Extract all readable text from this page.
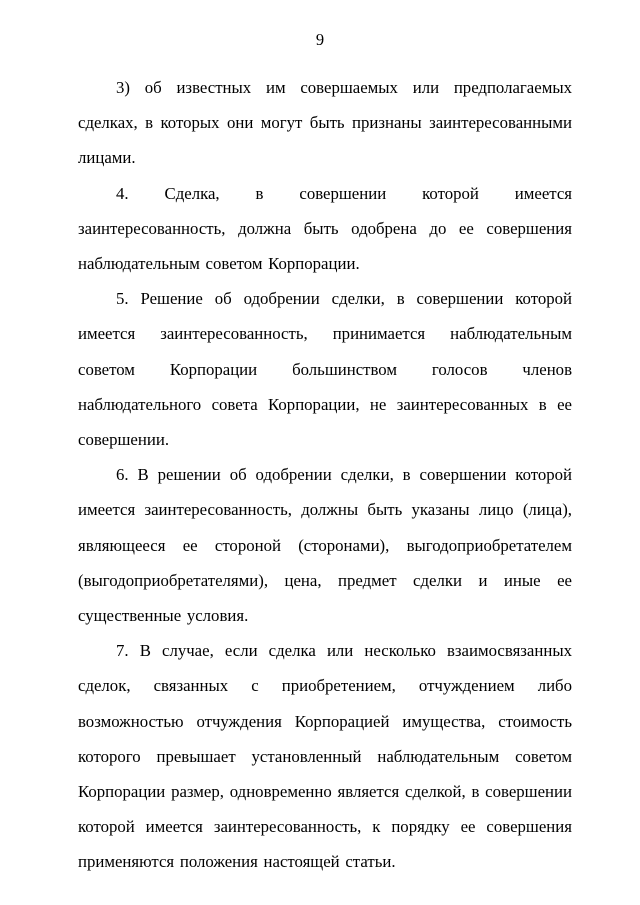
9

3) об известных им совершаемых или предполагаемых сделках, в которых они могут быть признаны заинтересованными лицами.

4. Сделка, в совершении которой имеется заинтересованность, должна быть одобрена до ее совершения наблюдательным советом Корпорации.

5. Решение об одобрении сделки, в совершении которой имеется заинтересованность, принимается наблюдательным советом Корпорации большинством голосов членов наблюдательного совета Корпорации, не заинтересованных в ее совершении.

6. В решении об одобрении сделки, в совершении которой имеется заинтересованность, должны быть указаны лицо (лица), являющееся ее стороной (сторонами), выгодоприобретателем (выгодоприобретателями), цена, предмет сделки и иные ее существенные условия.

7. В случае, если сделка или несколько взаимосвязанных сделок, связанных с приобретением, отчуждением либо возможностью отчуждения Корпорацией имущества, стоимость которого превышает установленный наблюдательным советом Корпорации размер, одновременно является сделкой, в совершении которой имеется заинтересованность, к порядку ее совершения применяются положения настоящей статьи.
